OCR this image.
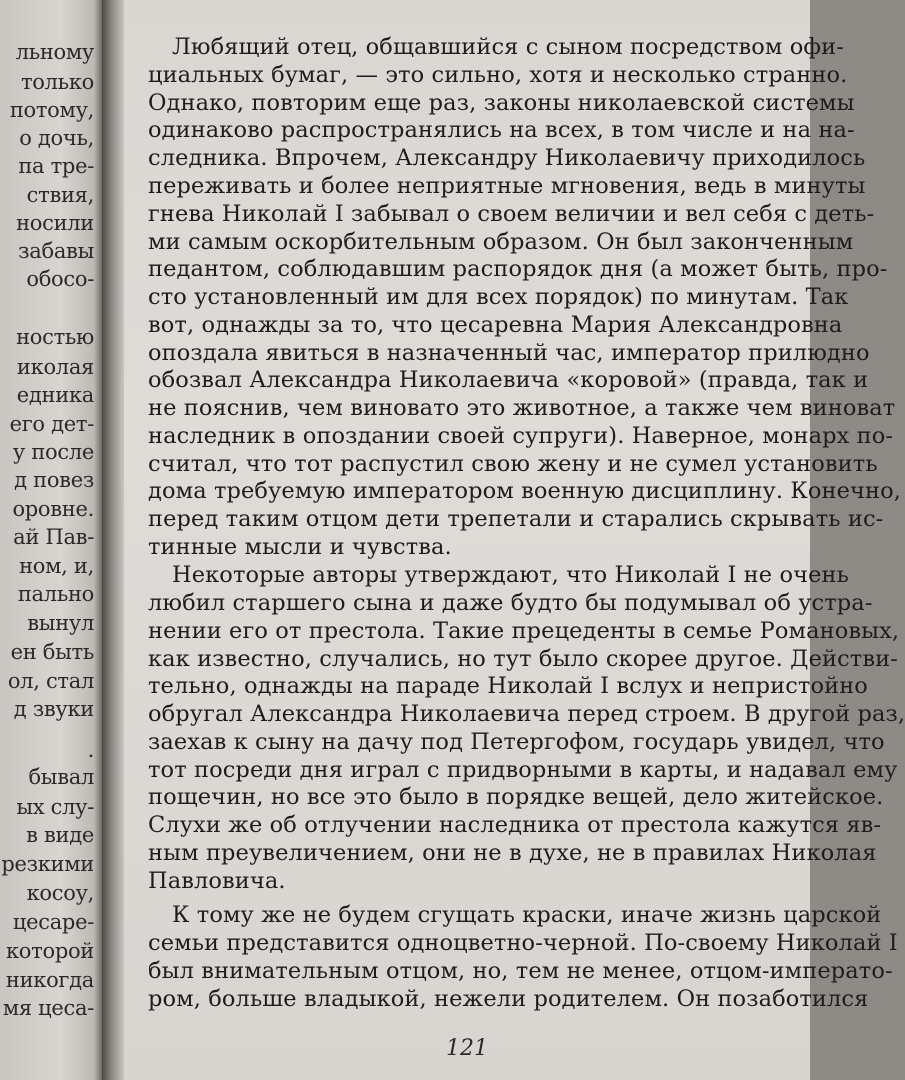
льному
только
потому,
о дочь,
па тре-
ствия,
носили
забавы
обосо-
ностью
иколая
едника
его дет-
у после
д повез
оровне.
ай Пав-
ном, и,
пально
вынул
ен быть
ол, стал
д звуки
.
бывал
ых слу-
в виде
резкими
косоу,
цесаре-
которой
никогда
мя цеса-
121
Любящий отец, общавшийся с сыном посредством офи-
циальных бумаг, — это сильно, хотя и несколько странно.
Однако, повторим еще раз, законы николаевской системы
одинаково распространялись на всех, в том числе и на на-
следника. Впрочем, Александру Николаевичу приходилось
переживать и более неприятные мгновения, ведь в минуты
гнева Николай I забывал о своем величии и вел себя с деть-
ми самым оскорбительным образом. Он был законченным
педантом, соблюдавшим распорядок дня (а может быть, про-
сто установленный им для всех порядок) по минутам. Так
вот, однажды за то, что цесаревна Мария Александровна
опоздала явиться в назначенный час, император прилюдно
обозвал Александра Николаевича «коровой» (правда, так и
не пояснив, чем виновато это животное, а также чем виноват
наследник в опоздании своей супруги). Наверное, монарх по-
считал, что тот распустил свою жену и не сумел установить
дома требуемую императором военную дисциплину. Конечно,
перед таким отцом дети трепетали и старались скрывать ис-
тинные мысли и чувства.
Некоторые авторы утверждают, что Николай I не очень
любил старшего сына и даже будто бы подумывал об устра-
нении его от престола. Такие прецеденты в семье Романовых,
как известно, случались, но тут было скорее другое. Действи-
тельно, однажды на параде Николай I вслух и непристойно
обругал Александра Николаевича перед строем. В другой раз,
заехав к сыну на дачу под Петергофом, государь увидел, что
тот посреди дня играл с придворными в карты, и надавал ему
пощечин, но все это было в порядке вещей, дело житейское.
Слухи же об отлучении наследника от престола кажутся яв-
ным преувеличением, они не в духе, не в правилах Николая
Павловича.
К тому же не будем сгущать краски, иначе жизнь царской
семьи представится одноцветно-черной. По-своему Николай I
был внимательным отцом, но, тем не менее, отцом-императо-
ром, больше владыкой, нежели родителем. Он позаботился
